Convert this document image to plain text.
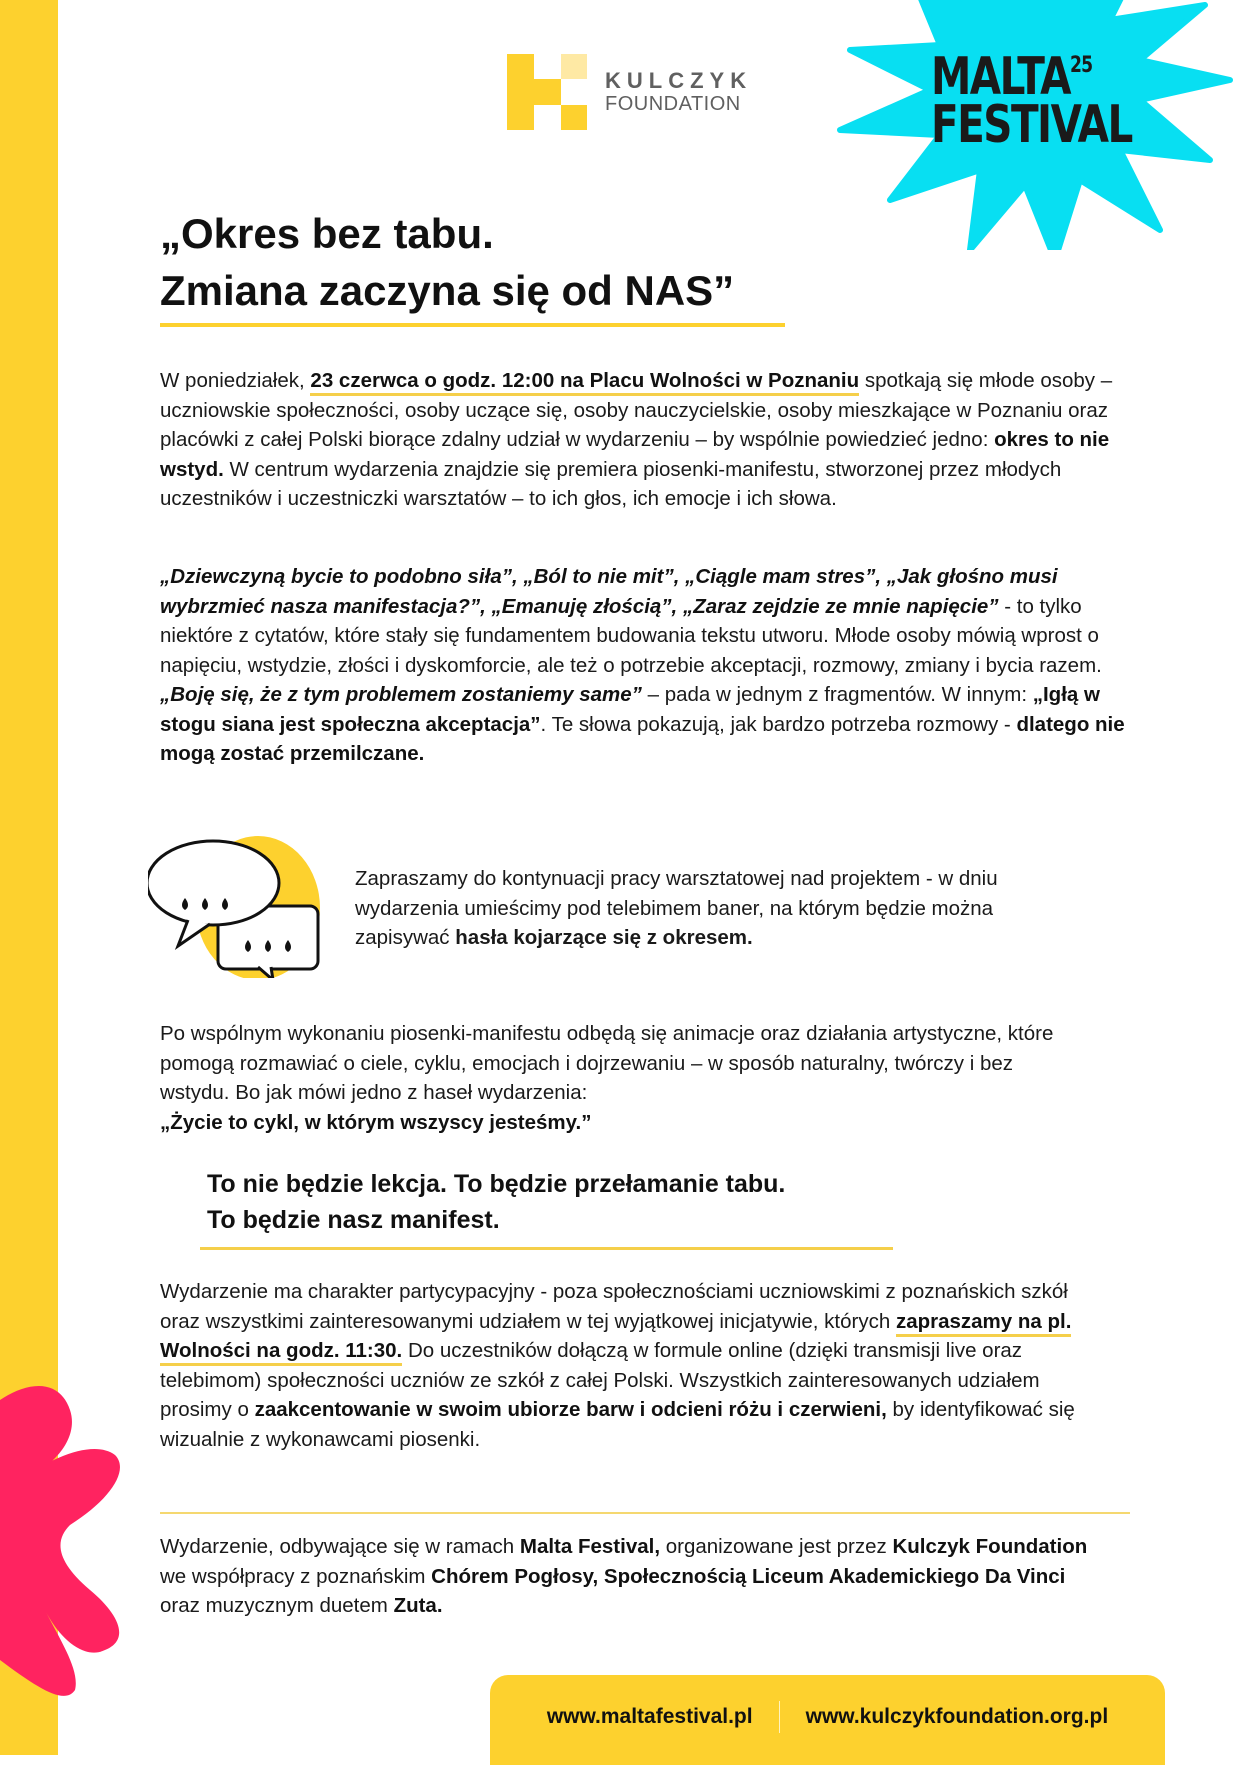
MALTA$^{25}$
FESTIVAL
KULCZYK
FOUNDATION
„Okres bez tabu.
Zmiana zaczyna się od NAS”

W poniedziałek, 23 czerwca o godz. 12:00 na Placu Wolności w Poznaniu spotkają się młode osoby – uczniowskie społeczności, osoby uczące się, osoby nauczycielskie, osoby mieszkające w Poznaniu oraz placówki z całej Polski biorące zdalny udział w wydarzeniu – by wspólnie powiedzieć jedno: okres to nie wstyd. W centrum wydarzenia znajdzie się premiera piosenki-manifestu, stworzonej przez młodych uczestników i uczestniczki warsztatów – to ich głos, ich emocje i ich słowa.

„Dziewczyną bycie to podobno siła”, „Ból to nie mit”, „Ciągle mam stres”, „Jak głośno musi wybrzmieć nasza manifestacja?”, „Emanuję złością”, „Zaraz zejdzie ze mnie napięcie” - to tylko niektóre z cytatów, które stały się fundamentem budowania tekstu utworu. Młode osoby mówią wprost o napięciu, wstydzie, złości i dyskomforcie, ale też o potrzebie akceptacji, rozmowy, zmiany i bycia razem. „Boję się, że z tym problemem zostaniemy same” – pada w jednym z fragmentów. W innym: „Igłą w stogu siana jest społeczna akceptacja”. Te słowa pokazują, jak bardzo potrzeba rozmowy - dlatego nie mogą zostać przemilczane.

Zapraszamy do kontynuacji pracy warsztatowej nad projektem - w dniu wydarzenia umieścimy pod telebimem baner, na którym będzie można zapisywać hasła kojarzące się z okresem.

Po wspólnym wykonaniu piosenki-manifestu odbędą się animacje oraz działania artystyczne, które pomogą rozmawiać o ciele, cyklu, emocjach i dojrzewaniu – w sposób naturalny, twórczy i bez wstydu. Bo jak mówi jedno z haseł wydarzenia:
„Życie to cykl, w którym wszyscy jesteśmy.”

To nie będzie lekcja. To będzie przełamanie tabu.
To będzie nasz manifest.

Wydarzenie ma charakter partycypacyjny - poza społecznościami uczniowskimi z poznańskich szkół oraz wszystkimi zainteresowanymi udziałem w tej wyjątkowej inicjatywie, których zapraszamy na pl. Wolności na godz. 11:30. Do uczestników dołączą w formule online (dzięki transmisji live oraz telebimom) społeczności uczniów ze szkół z całej Polski. Wszystkich zainteresowanych udziałem prosimy o zaakcentowanie w swoim ubiorze barw i odcieni różu i czerwieni, by identyfikować się wizualnie z wykonawcami piosenki.

Wydarzenie, odbywające się w ramach Malta Festival, organizowane jest przez Kulczyk Foundation we współpracy z poznańskim Chórem Pogłosy, Społecznością Liceum Akademickiego Da Vinci oraz muzycznym duetem Zuta.

www.maltafestival.pl	www.kulczykfoundation.org.pl
